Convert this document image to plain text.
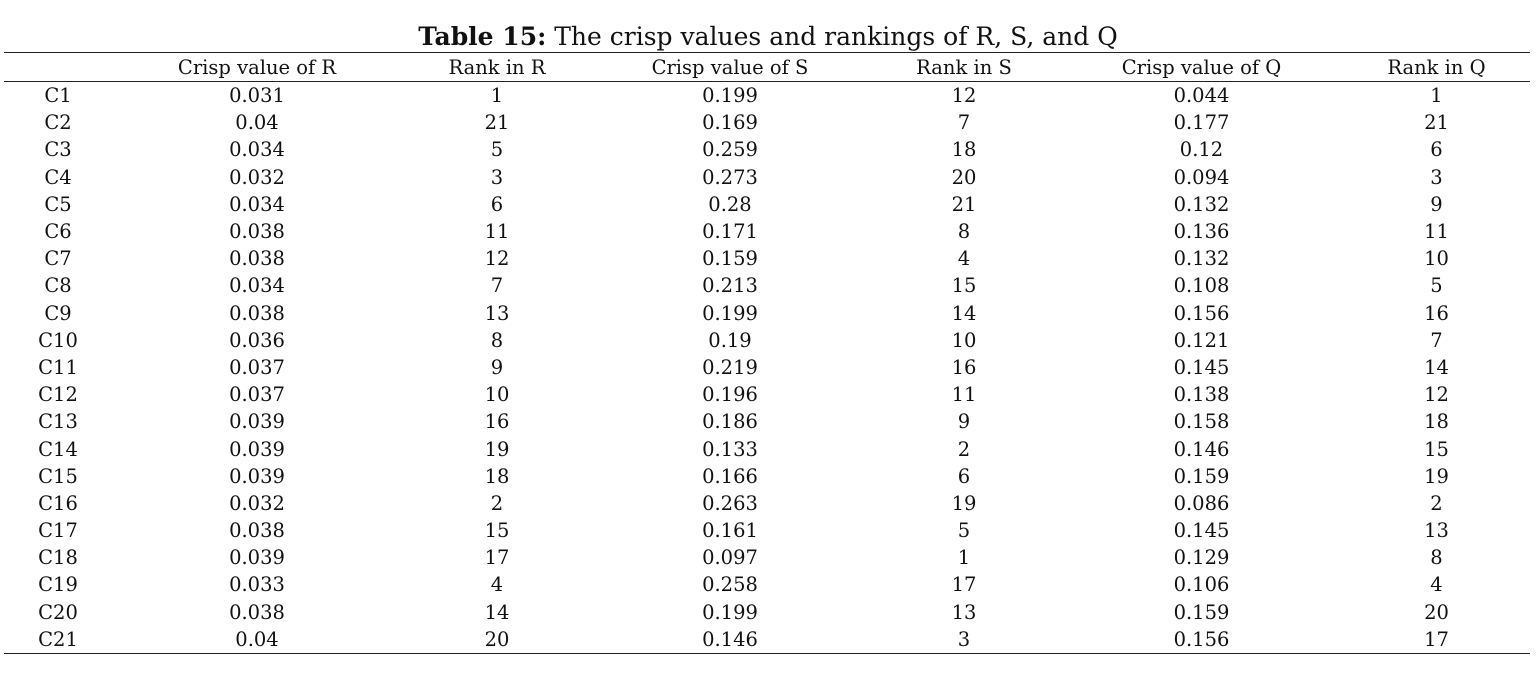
Table 15: The crisp values and rankings of R, S, and Q
	Crisp value of R	Rank in R	Crisp value of S	Rank in S	Crisp value of Q	Rank in Q
C1	0.031	1	0.199	12	0.044	1
C2	0.04	21	0.169	7	0.177	21
C3	0.034	5	0.259	18	0.12	6
C4	0.032	3	0.273	20	0.094	3
C5	0.034	6	0.28	21	0.132	9
C6	0.038	11	0.171	8	0.136	11
C7	0.038	12	0.159	4	0.132	10
C8	0.034	7	0.213	15	0.108	5
C9	0.038	13	0.199	14	0.156	16
C10	0.036	8	0.19	10	0.121	7
C11	0.037	9	0.219	16	0.145	14
C12	0.037	10	0.196	11	0.138	12
C13	0.039	16	0.186	9	0.158	18
C14	0.039	19	0.133	2	0.146	15
C15	0.039	18	0.166	6	0.159	19
C16	0.032	2	0.263	19	0.086	2
C17	0.038	15	0.161	5	0.145	13
C18	0.039	17	0.097	1	0.129	8
C19	0.033	4	0.258	17	0.106	4
C20	0.038	14	0.199	13	0.159	20
C21	0.04	20	0.146	3	0.156	17
